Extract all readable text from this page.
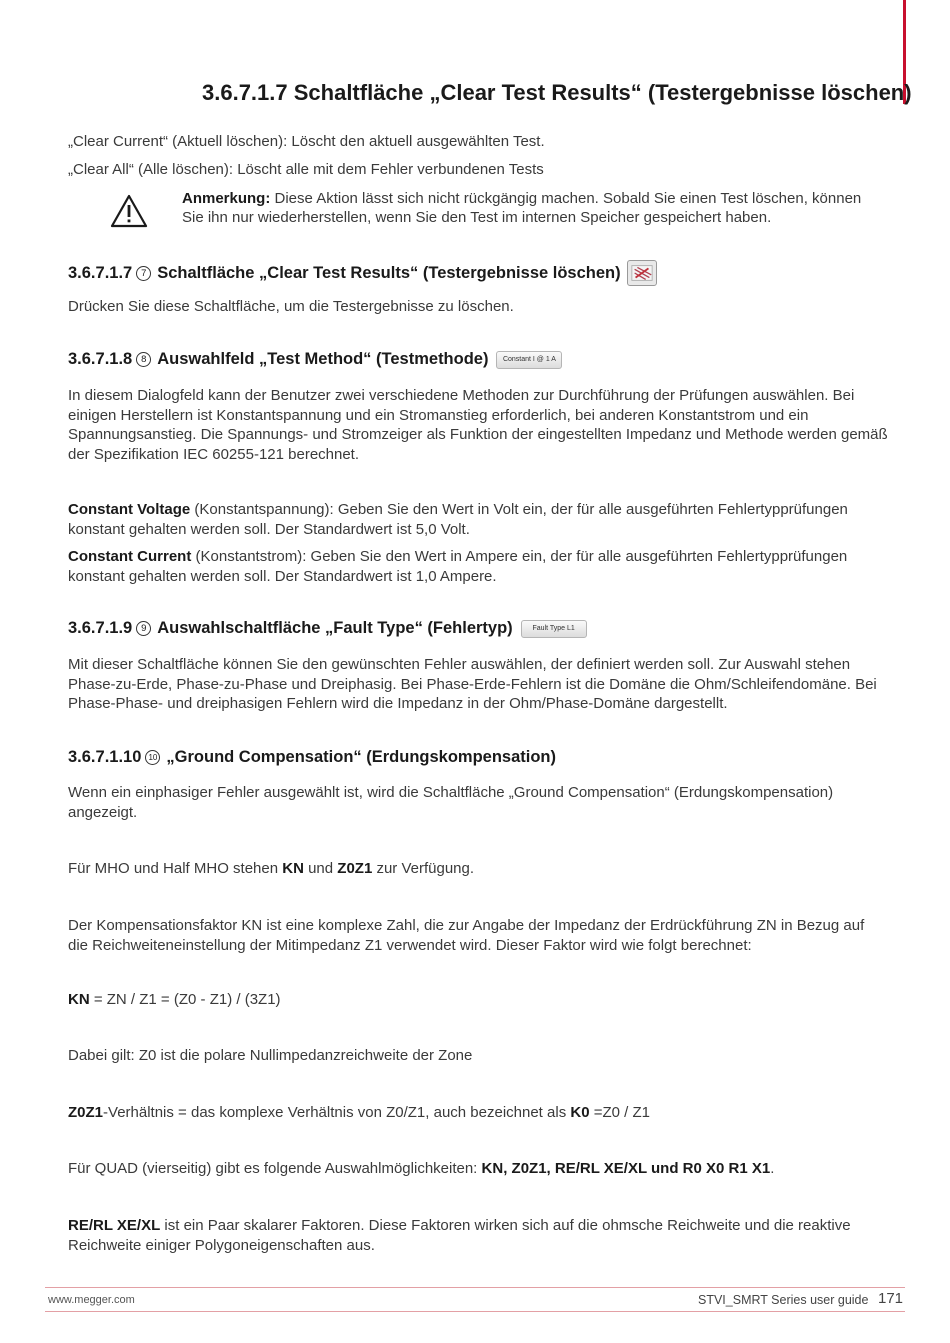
3.6.7.1.7 Schaltfläche „Clear Test Results“ (Testergebnisse löschen)

„Clear Current“ (Aktuell löschen): Löscht den aktuell ausgewählten Test.

„Clear All“ (Alle löschen): Löscht alle mit dem Fehler verbundenen Tests

Anmerkung: Diese Aktion lässt sich nicht rückgängig machen. Sobald Sie einen Test löschen, können Sie ihn nur wiederherstellen, wenn Sie den Test im internen Speicher gespeichert haben.

3.6.7.1.7 7 Schaltfläche „Clear Test Results“ (Testergebnisse löschen)

Drücken Sie diese Schaltfläche, um die Testergebnisse zu löschen.

3.6.7.1.8 8 Auswahlfeld „Test Method“ (Testmethode)	Constant I @ 1 A

In diesem Dialogfeld kann der Benutzer zwei verschiedene Methoden zur Durchführung der Prüfungen auswählen. Bei einigen Herstellern ist Konstantspannung und ein Stromanstieg erforderlich, bei anderen Konstantstrom und ein Spannungsanstieg. Die Spannungs- und Stromzeiger als Funktion der eingestellten Impedanz und Methode werden gemäß der Spezifikation IEC 60255-121 berechnet.

Constant Voltage (Konstantspannung): Geben Sie den Wert in Volt ein, der für alle ausgeführten Fehlertypprüfungen konstant gehalten werden soll. Der Standardwert ist 5,0 Volt.

Constant Current (Konstantstrom): Geben Sie den Wert in Ampere ein, der für alle ausgeführten Fehlertypprüfungen konstant gehalten werden soll. Der Standardwert ist 1,0 Ampere.

3.6.7.1.9 9 Auswahlschaltfläche „Fault Type“ (Fehlertyp)	Fault Type L1

Mit dieser Schaltfläche können Sie den gewünschten Fehler auswählen, der definiert werden soll. Zur Auswahl stehen Phase-zu-Erde, Phase-zu-Phase und Dreiphasig. Bei Phase-Erde-Fehlern ist die Domäne die Ohm/Schleifendomäne. Bei Phase-Phase- und dreiphasigen Fehlern wird die Impedanz in der Ohm/Phase-Domäne dargestellt.

3.6.7.1.10 10 „Ground Compensation“ (Erdungskompensation)

Wenn ein einphasiger Fehler ausgewählt ist, wird die Schaltfläche „Ground Compensation“ (Erdungskompensation) angezeigt.

Für MHO und Half MHO stehen KN und Z0Z1 zur Verfügung.

Der Kompensationsfaktor KN ist eine komplexe Zahl, die zur Angabe der Impedanz der Erdrückführung ZN in Bezug auf die Reichweiteneinstellung der Mitimpedanz Z1 verwendet wird. Dieser Faktor wird wie folgt berechnet:

KN = ZN / Z1 = (Z0 - Z1) / (3Z1)

Dabei gilt: Z0 ist die polare Nullimpedanzreichweite der Zone

Z0Z1-Verhältnis = das komplexe Verhältnis von Z0/Z1, auch bezeichnet als K0 =Z0 / Z1

Für QUAD (vierseitig) gibt es folgende Auswahlmöglichkeiten: KN, Z0Z1, RE/RL XE/XL und R0 X0 R1 X1.

RE/RL XE/XL ist ein Paar skalarer Faktoren. Diese Faktoren wirken sich auf die ohmsche Reichweite und die reaktive Reichweite einiger Polygoneigenschaften aus.

www.megger.com	STVI_SMRT Series user guide 171
